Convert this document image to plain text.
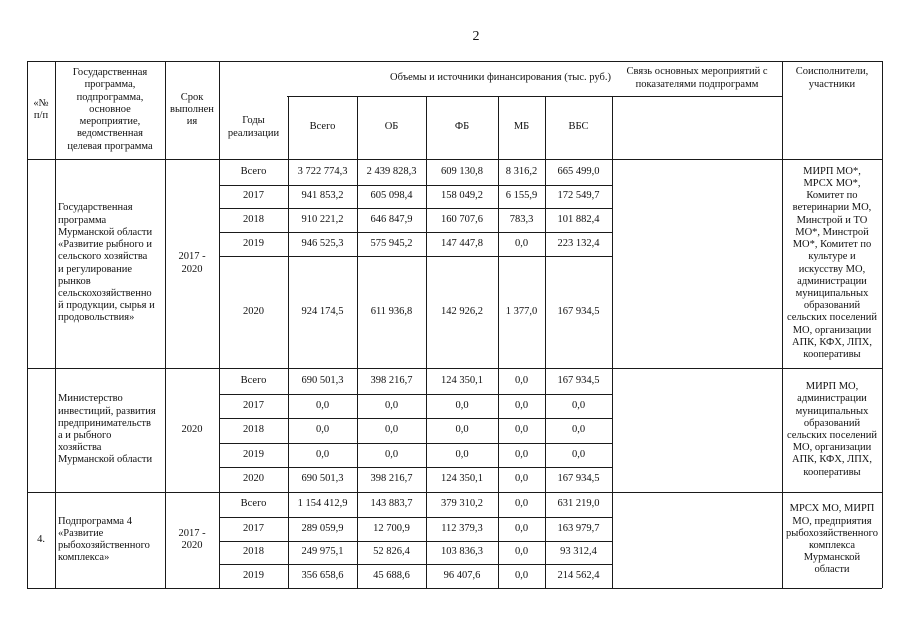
2
«№
п/п
Государственная
программа,
подпрограмма,
основное
мероприятие,
ведомственная
целевая программа
Срок
выполнен
ия
Объемы и источники финансирования (тыс. руб.)
Годы
реализации
Всего	ОБ	ФБ	МБ	ВБС
Связь основных мероприятий с
показателями подпрограмм
Соисполнители,
участники
Государственная
программа
Мурманской области
«Развитие рыбного и
сельского хозяйства
и регулирование
рынков
сельскохозяйственно
й продукции, сырья и
продовольствия»
2017 -
2020
МИРП МО*,
МРСХ МО*,
Комитет по
ветеринарии МО,
Минстрой и ТО
МО*, Минстрой
МО*, Комитет по
культуре и
искусству МО,
администрации
муниципальных
образований
сельских поселений
МО, организации
АПК, КФХ, ЛПХ,
кооперативы
Всего	3 722 774,3	2 439 828,3	609 130,8	8 316,2	665 499,0
2017	941 853,2	605 098,4	158 049,2	6 155,9	172 549,7
2018	910 221,2	646 847,9	160 707,6	783,3	101 882,4
2019	946 525,3	575 945,2	147 447,8	0,0	223 132,4
2020	924 174,5	611 936,8	142 926,2	1 377,0	167 934,5
Министерство
инвестиций, развития
предпринимательств
а и рыбного
хозяйства
Мурманской области
2020
МИРП МО,
администрации
муниципальных
образований
сельских поселений
МО, организации
АПК, КФХ, ЛПХ,
кооперативы
Всего	690 501,3	398 216,7	124 350,1	0,0	167 934,5
2017	0,0	0,0	0,0	0,0	0,0
2018	0,0	0,0	0,0	0,0	0,0
2019	0,0	0,0	0,0	0,0	0,0
2020	690 501,3	398 216,7	124 350,1	0,0	167 934,5
4.
Подпрограмма 4
«Развитие
рыбохозяйственного
комплекса»
2017 -
2020
МРСХ МО, МИРП
МО, предприятия
рыбохозяйственного
комплекса
Мурманской
области
Всего	1 154 412,9	143 883,7	379 310,2	0,0	631 219,0
2017	289 059,9	12 700,9	112 379,3	0,0	163 979,7
2018	249 975,1	52 826,4	103 836,3	0,0	93 312,4
2019	356 658,6	45 688,6	96 407,6	0,0	214 562,4
